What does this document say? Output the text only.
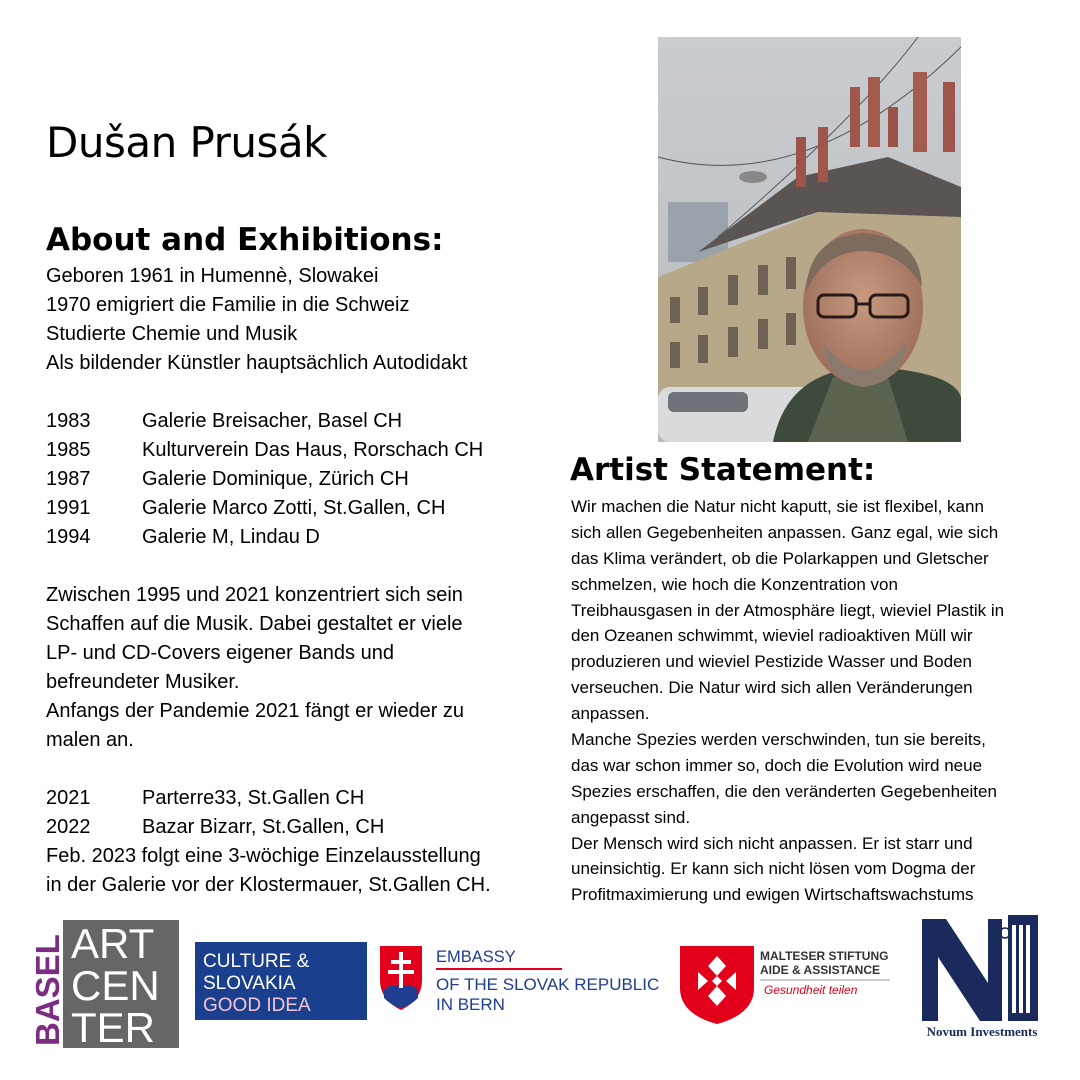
Dušan Prusák
About and Exhibitions:
Geboren 1961 in Humennè, Slowakei
1970 emigriert die Familie in die Schweiz
Studierte Chemie und Musik
Als bildender Künstler hauptsächlich Autodidakt
1983	Galerie Breisacher, Basel CH
1985	Kulturverein Das Haus, Rorschach CH
1987	Galerie Dominique, Zürich CH
1991	Galerie Marco Zotti, St.Gallen, CH
1994	Galerie M, Lindau D
Zwischen 1995 und 2021 konzentriert sich sein
Schaffen auf die Musik. Dabei gestaltet er viele
LP- und CD-Covers eigener Bands und
befreundeter Musiker.
Anfangs der Pandemie 2021 fängt er wieder zu
malen an.
2021	Parterre33, St.Gallen CH
2022	Bazar Bizarr, St.Gallen, CH
Feb. 2023 folgt eine 3-wöchige Einzelausstellung
in der Galerie vor der Klostermauer, St.Gallen CH.
Artist Statement:
Wir machen die Natur nicht kaputt, sie ist flexibel, kann
sich allen Gegebenheiten anpassen. Ganz egal, wie sich
das Klima verändert, ob die Polarkappen und Gletscher
schmelzen, wie hoch die Konzentration von
Treibhausgasen in der Atmosphäre liegt, wieviel Plastik in
den Ozeanen schwimmt, wieviel radioaktiven Müll wir
produzieren und wieviel Pestizide Wasser und Boden
verseuchen. Die Natur wird sich allen Veränderungen
anpassen.
Manche Spezies werden verschwinden, tun sie bereits,
das war schon immer so, doch die Evolution wird neue
Spezies erschaffen, die den veränderten Gegebenheiten
angepasst sind.
Der Mensch wird sich nicht anpassen. Er ist starr und
uneinsichtig. Er kann sich nicht lösen vom Dogma der
Profitmaximierung und ewigen Wirtschaftswachstums
BASEL ART
CEN
TER
CULTURE &
SLOVAKIA
GOOD IDEA
EMBASSY
OF THE SLOVAK REPUBLIC
IN BERN
MALTESER STIFTUNG
AIDE & ASSISTANCE
Gesundheit teilen
Novum Investments
